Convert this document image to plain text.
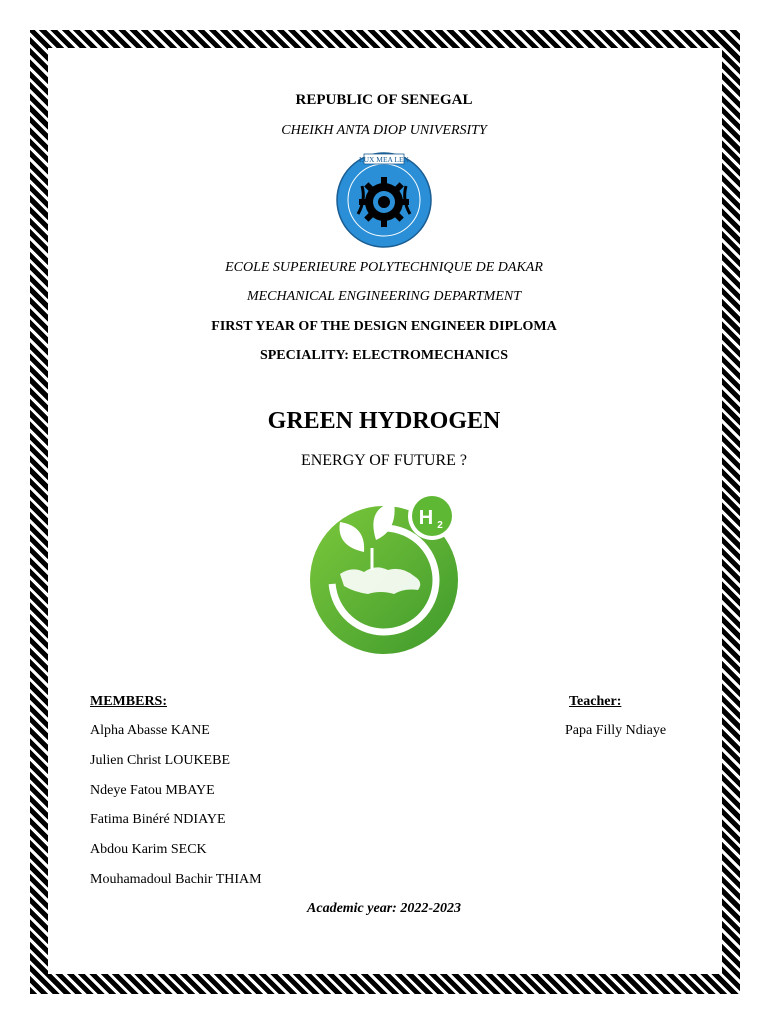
REPUBLIC OF SENEGAL
CHEIKH ANTA DIOP UNIVERSITY
LUX MEA LEX
ECOLE SUPERIEURE POLYTECHNIQUE DE DAKAR
MECHANICAL ENGINEERING DEPARTMENT
FIRST YEAR OF THE DESIGN ENGINEER DIPLOMA
SPECIALITY: ELECTROMECHANICS
GREEN HYDROGEN
ENERGY OF FUTURE ?
H 2
MEMBERS:	Teacher:
Alpha Abasse KANE	Papa Filly Ndiaye
Julien Christ LOUKEBE
Ndeye Fatou MBAYE
Fatima Binéré NDIAYE
Abdou Karim SECK
Mouhamadoul Bachir THIAM
Academic year: 2022-2023
